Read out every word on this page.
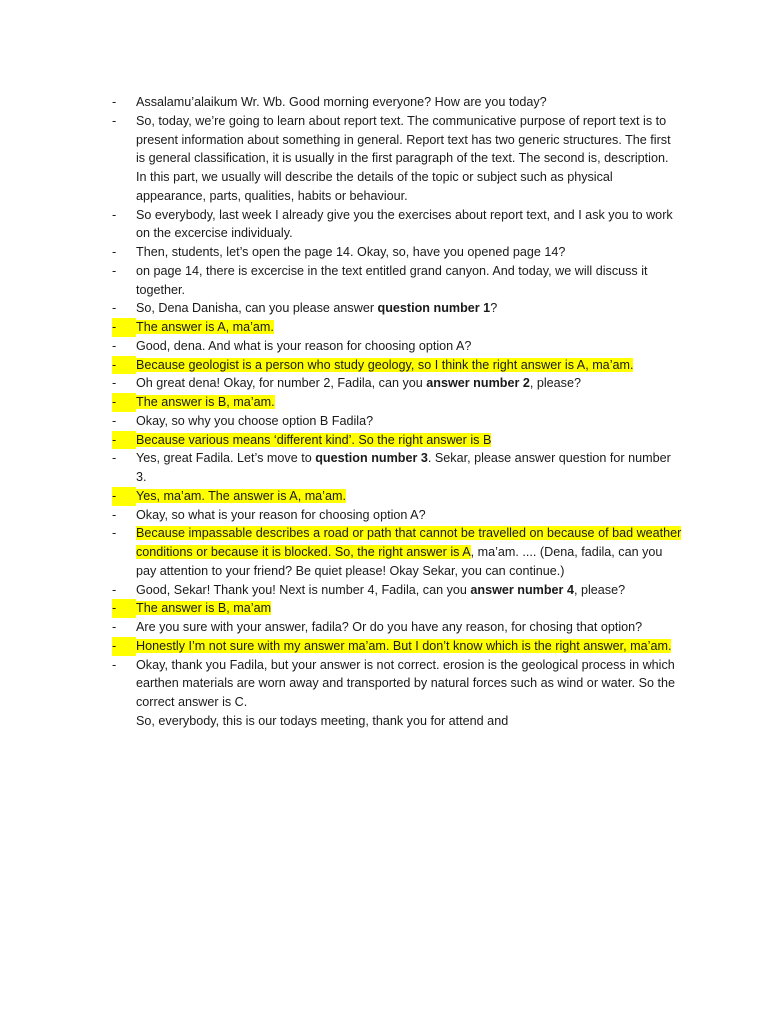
-	Assalamu’alaikum Wr. Wb. Good morning everyone? How are you today?
-	So, today, we’re going to learn about report text. The communicative purpose of report text is to present information about something in general. Report text has two generic structures. The first is general classification, it is usually in the first paragraph of the text. The second is, description. In this part, we usually will describe the details of the topic or subject such as physical appearance, parts, qualities, habits or behaviour.
-	So everybody, last week I already give you the exercises about report text, and I ask you to work on the excercise individualy.
-	Then, students, let’s open the page 14. Okay, so, have you opened page 14?
-	on page 14, there is excercise in the text entitled grand canyon. And today, we will discuss it together.
-	So, Dena Danisha, can you please answer question number 1?
-	The answer is A, ma’am.
-	Good, dena. And what is your reason for choosing option A?
-	Because geologist is a person who study geology, so I think the right answer is A, ma’am.
-	Oh great dena! Okay, for number 2, Fadila, can you answer number 2, please?
-	The answer is B, ma’am.
-	Okay, so why you choose option B Fadila?
-	Because various means ‘different kind’. So the right answer is B
-	Yes, great Fadila. Let’s move to question number 3. Sekar, please answer question for number 3.
-	Yes, ma’am. The answer is A, ma’am.
-	Okay, so what is your reason for choosing option A?
-	Because impassable describes a road or path that cannot be travelled on because of bad weather conditions or because it is blocked. So, the right answer is A, ma’am. .... (Dena, fadila, can you pay attention to your friend? Be quiet please! Okay Sekar, you can continue.)
-	Good, Sekar! Thank you! Next is number 4, Fadila, can you answer number 4, please?
-	The answer is B, ma’am
-	Are you sure with your answer, fadila? Or do you have any reason, for chosing that option?
-	Honestly I’m not sure with my answer ma’am. But I don’t know which is the right answer, ma’am.
-	Okay, thank you Fadila, but your answer is not correct. erosion is the geological process in which earthen materials are worn away and transported by natural forces such as wind or water. So the correct answer is C.
So, everybody, this is our todays meeting, thank you for attend and
